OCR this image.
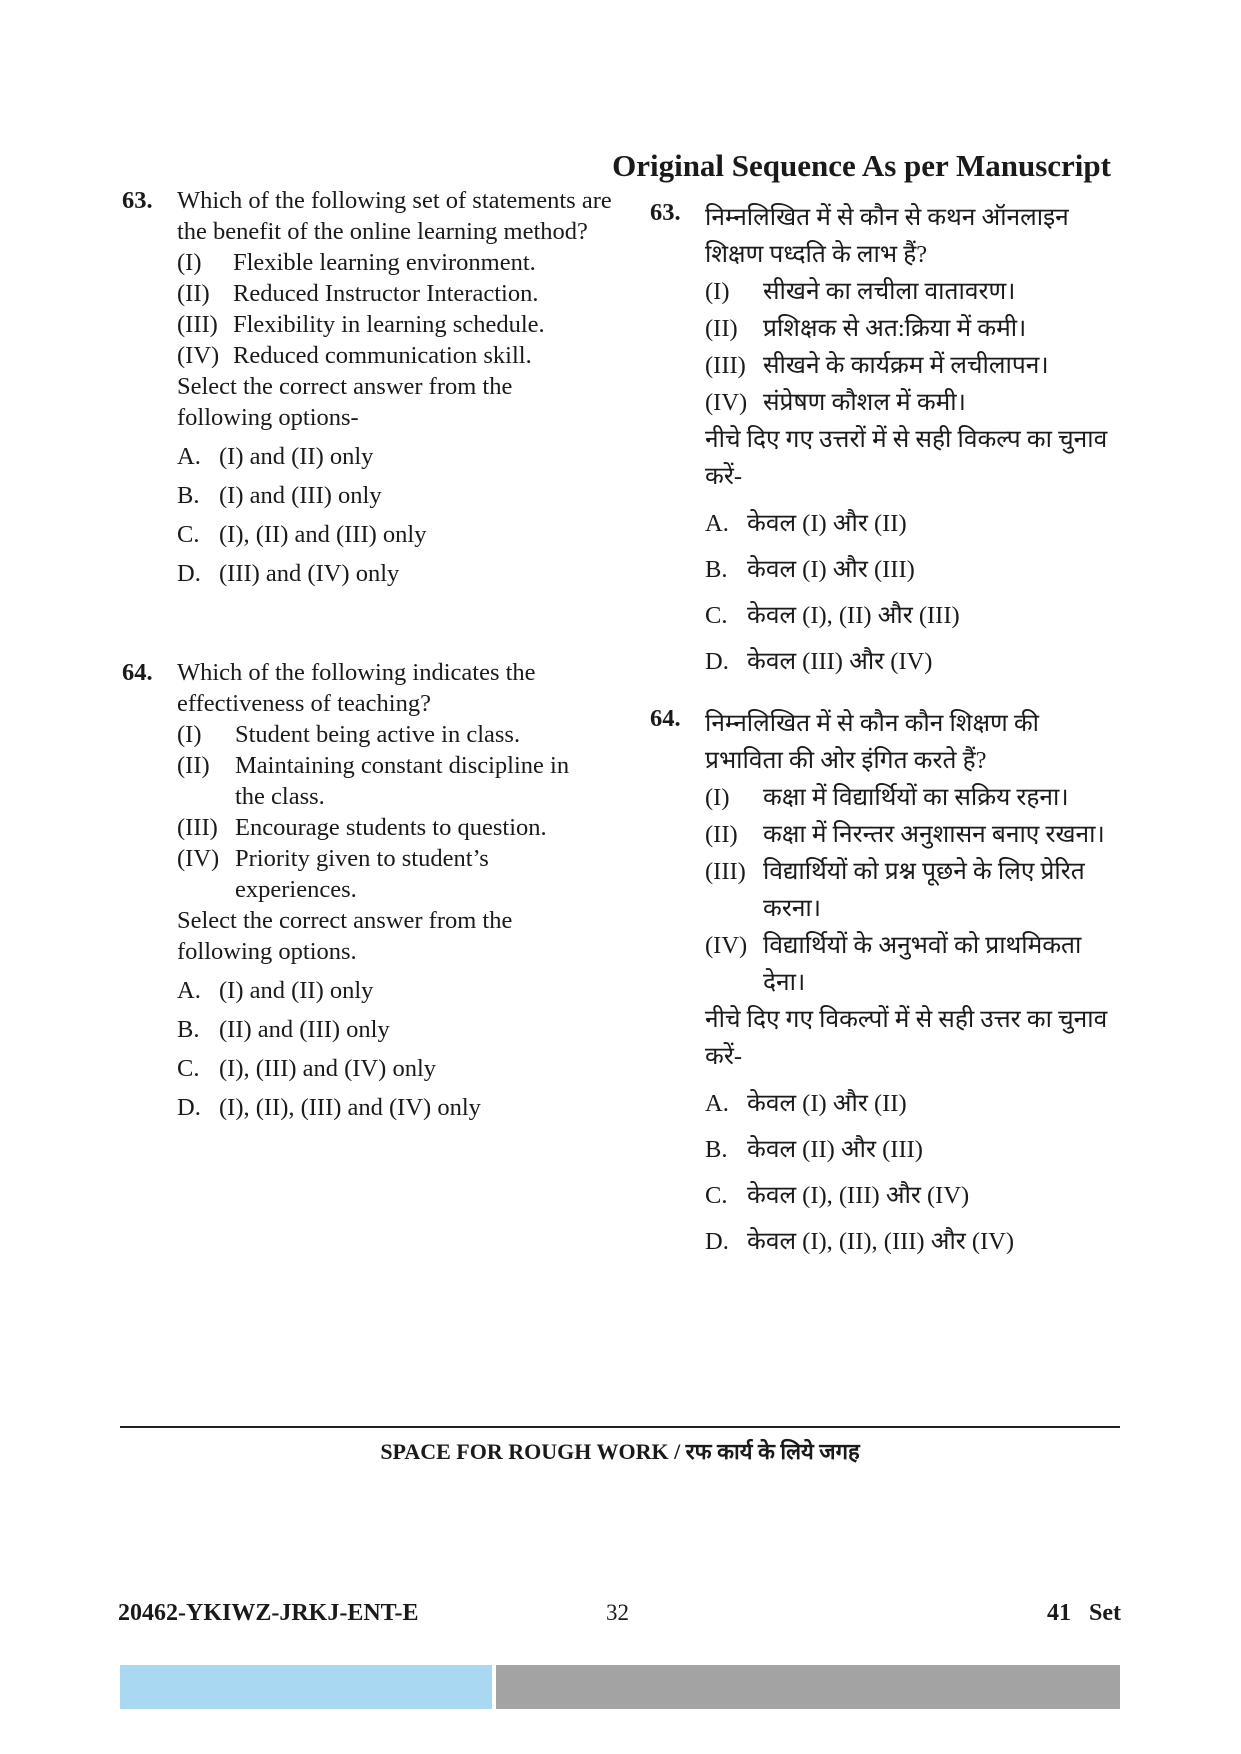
Original Sequence As per Manuscript
63. Which of the following set of statements are the benefit of the online learning method?
(I)	Flexible learning environment.
(II) Reduced Instructor Interaction.
(III) Flexibility in learning schedule.
(IV) Reduced communication skill.
Select the correct answer from the following options-
A. (I) and (II) only
B. (I) and (III) only
C. (I), (II) and (III) only
D. (III) and (IV) only
64. Which of the following indicates the effectiveness of teaching?
(I)	Student being active in class.
(II)	Maintaining constant discipline in the class.
(III) Encourage students to question.
(IV) Priority given to student’s experiences.
Select the correct answer from the following options.
A. (I) and (II) only
B. (II) and (III) only
C. (I), (III) and (IV) only
D. (I), (II), (III) and (IV) only
63. निम्नलिखित में से कौन से कथन ऑनलाइन शिक्षण पध्दति के लाभ हैं?
(I)	सीखने का लचीला वातावरण।
(II)	प्रशिक्षक से अत:क्रिया में कमी।
(III) सीखने के कार्यक्रम में लचीलापन।
(IV) संप्रेषण कौशल में कमी।
नीचे दिए गए उत्तरों में से सही विकल्प का चुनाव करें-
A. केवल (I) और (II)
B. केवल (I) और (III)
C. केवल (I), (II) और (III)
D. केवल (III) और (IV)
64. निम्नलिखित में से कौन कौन शिक्षण की प्रभाविता की ओर इंगित करते हैं?
(I)	कक्षा में विद्यार्थियों का सक्रिय रहना।
(II)	कक्षा में निरन्तर अनुशासन बनाए रखना।
(III) विद्यार्थियों को प्रश्न पूछने के लिए प्रेरित करना।
(IV) विद्यार्थियों के अनुभवों को प्राथमिकता देना।
नीचे दिए गए विकल्पों में से सही उत्तर का चुनाव करें-
A. केवल (I) और (II)
B. केवल (II) और (III)
C. केवल (I), (III) और (IV)
D. केवल (I), (II), (III) और (IV)
SPACE FOR ROUGH WORK / रफ कार्य के लिये जगह
20462-YKIWZ-JRKJ-ENT-E	32	41   Set
